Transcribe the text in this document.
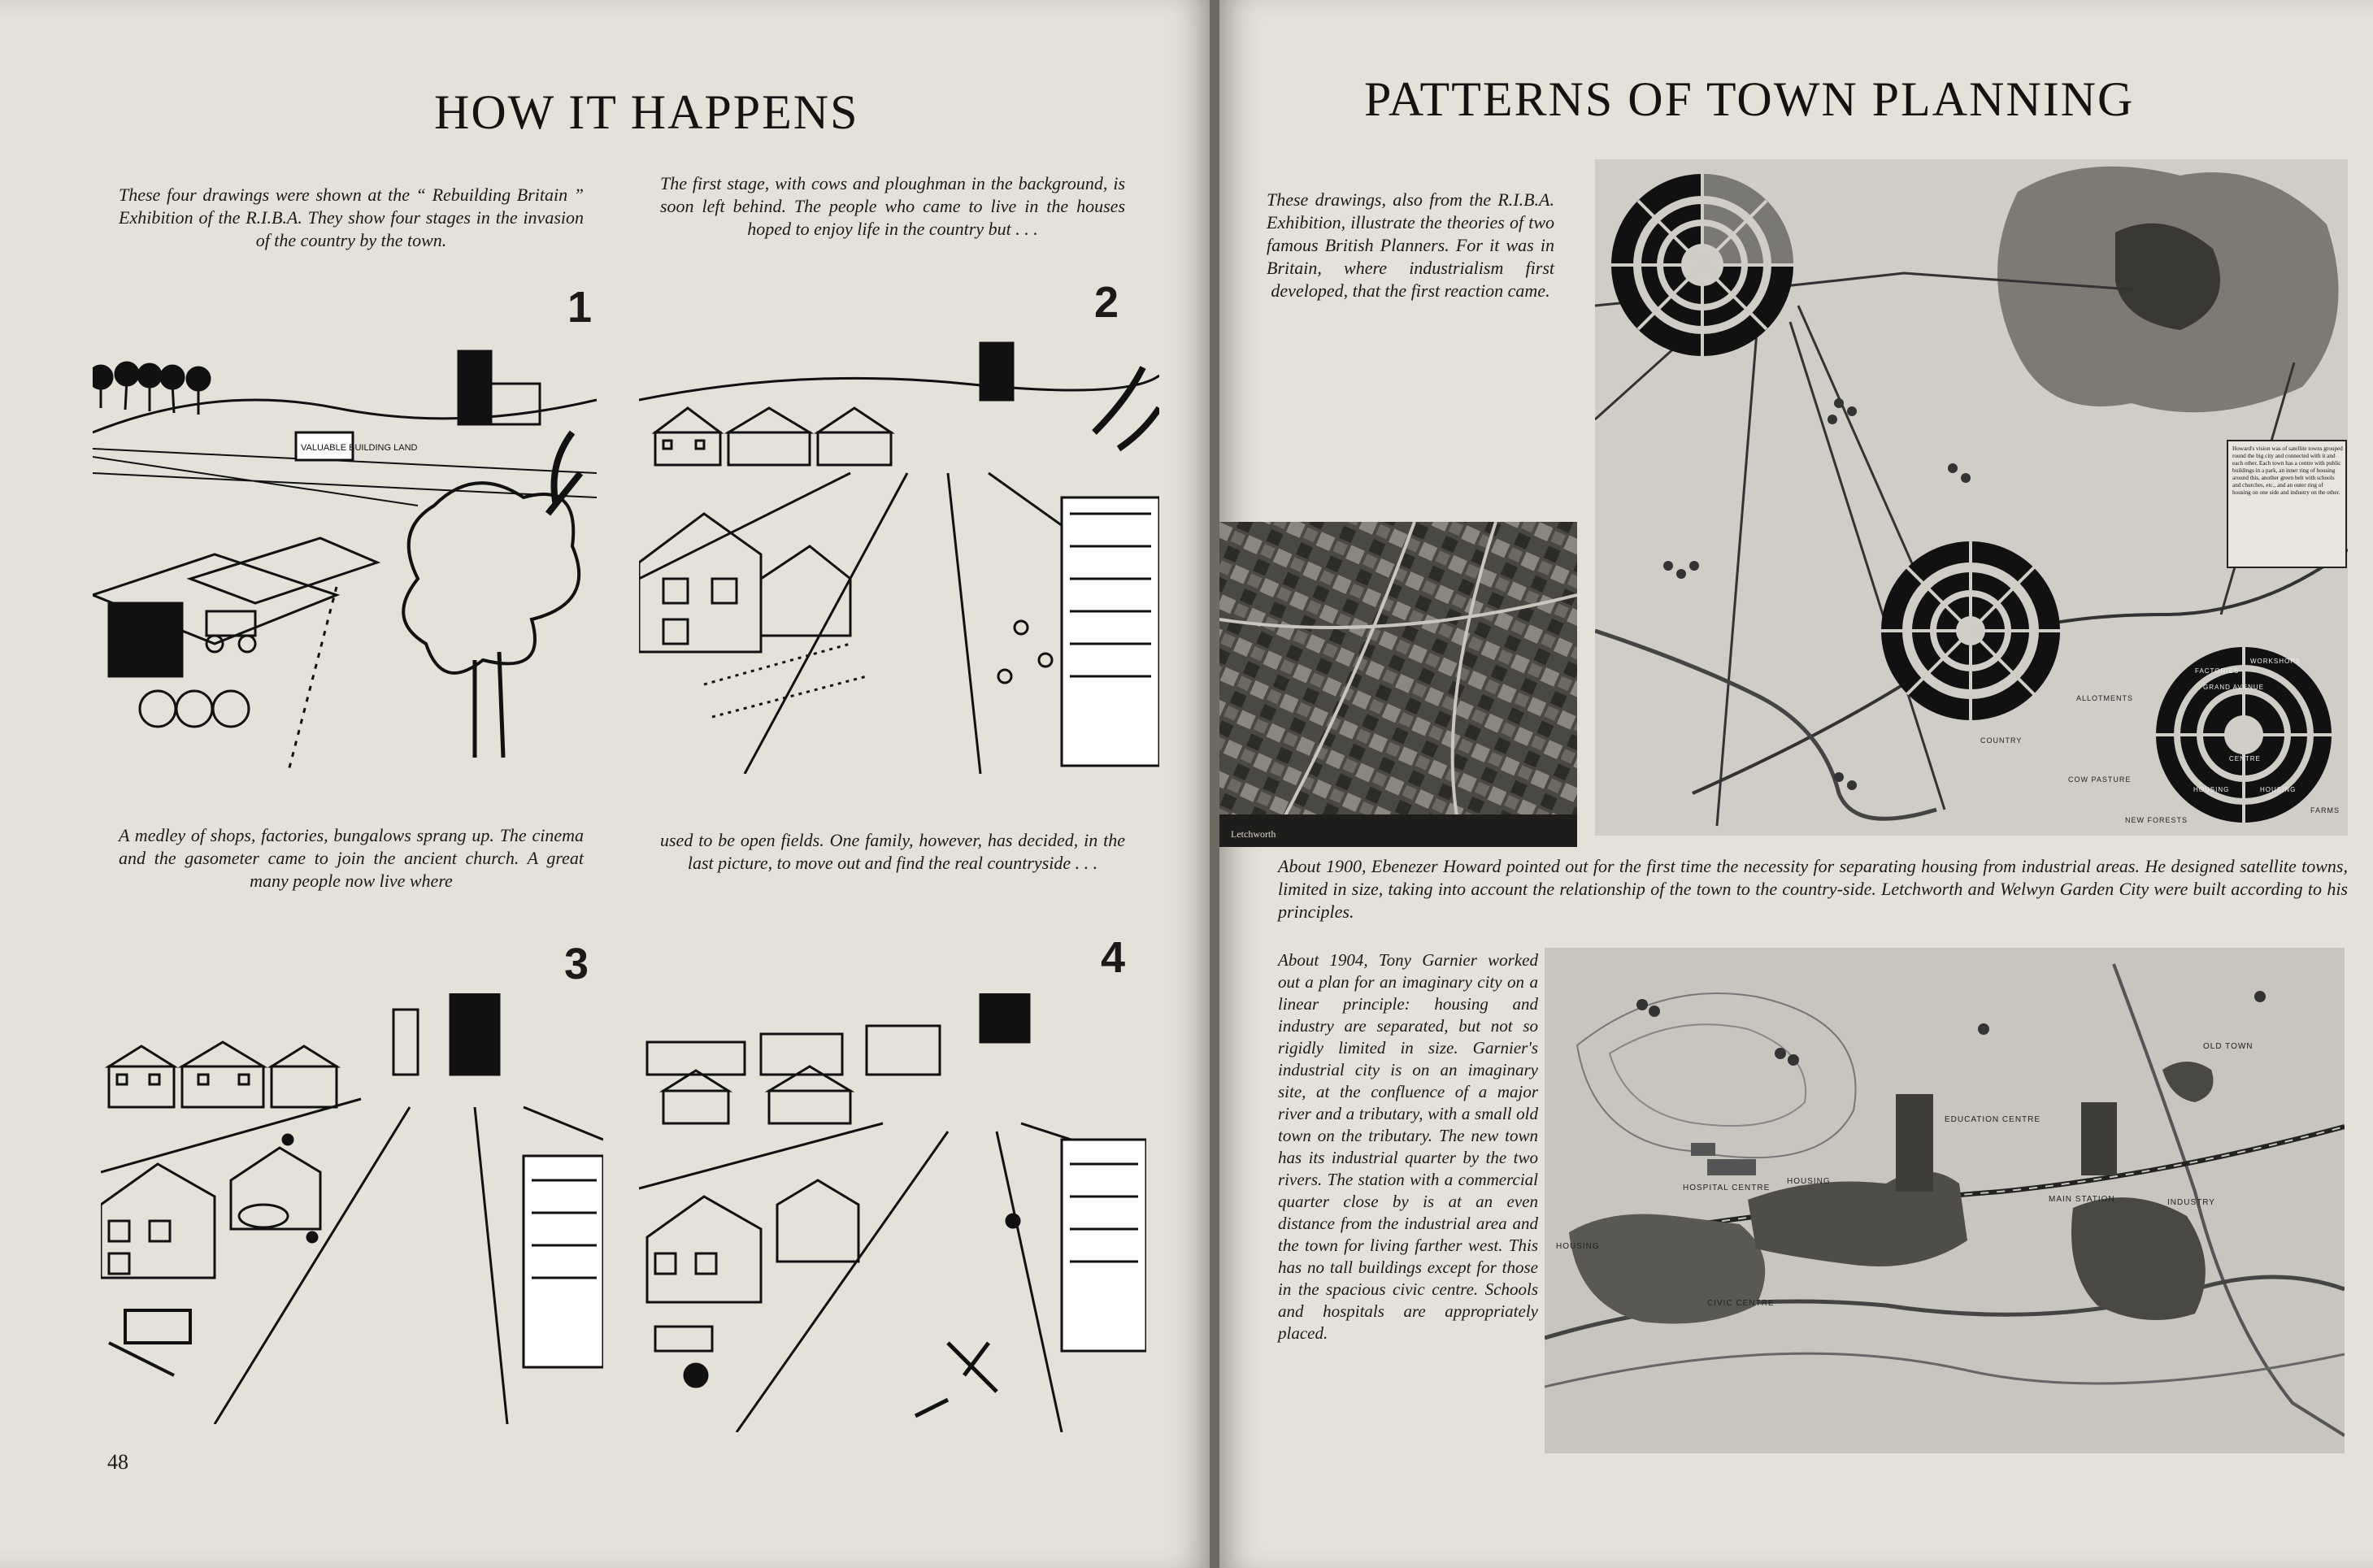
HOW IT HAPPENS

These four drawings were shown at the “ Rebuilding Britain ” Exhibition of the R.I.B.A. They show four stages in the invasion of the country by the town.

The first stage, with cows and ploughman in the background, is soon left behind. The people who came to live in the houses hoped to enjoy life in the country but . . .

1	2
VALUABLE BUILDING LAND

A medley of shops, factories, bungalows sprang up. The cinema and the gasometer came to join the ancient church. A great many people now live where

used to be open fields. One family, however, has decided, in the last picture, to move out and find the real countryside . . .

3	4

48

PATTERNS OF TOWN PLANNING

These drawings, also from the R.I.B.A. Exhibition, illustrate the theories of two famous British Planners. For it was in Britain, where industrialism first developed, that the first reaction came.

Howard's vision was of satellite towns grouped round the big city and connected with it and each other. Each town has a centre with public buildings in a park, an inner ring of housing around this, another green belt with schools and churches, etc., and an outer ring of housing on one side and industry on the other.
ALLOTMENTS
COUNTRY
COW PASTURE
NEW FORESTS
FARMS
FACTORIES
WORKSHOPS
HOUSING	HOUSING
GRAND AVENUE
CENTRE
Letchworth

About 1900, Ebenezer Howard pointed out for the first time the necessity for separating housing from industrial areas. He designed satellite towns, limited in size, taking into account the relationship of the town to the country-side. Letchworth and Welwyn Garden City were built according to his principles.

About 1904, Tony Garnier worked out a plan for an imaginary city on a linear principle: housing and industry are separated, but not so rigidly limited in size. Garnier's industrial city is on an imaginary site, at the confluence of a major river and a tributary, with a small old town on the tributary. The new town has its industrial quarter by the two rivers. The station with a commercial quarter close by is at an even distance from the industrial area and the town for living farther west. This has no tall buildings except for those in the spacious civic centre. Schools and hospitals are appropriately placed.

OLD TOWN
EDUCATION CENTRE
HOSPITAL CENTRE
HOUSING
MAIN STATION	INDUSTRY
HOUSING
CIVIC CENTRE
